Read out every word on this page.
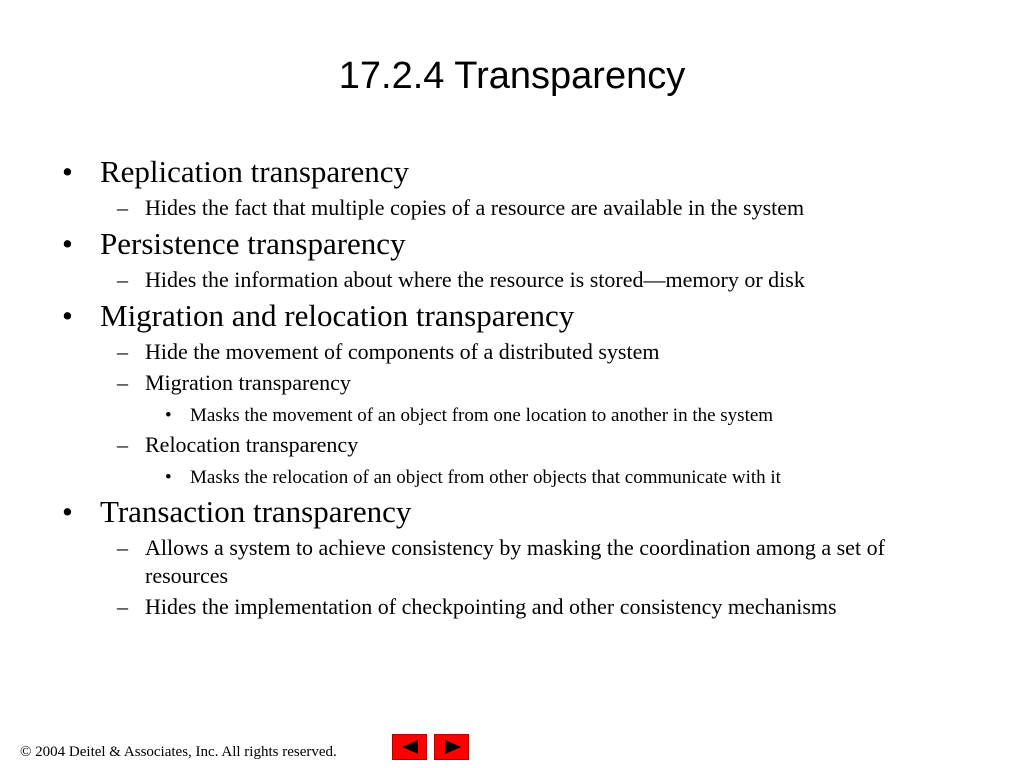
17.2.4 Transparency
• Replication transparency
– Hides the fact that multiple copies of a resource are available in the system
• Persistence transparency
– Hides the information about where the resource is stored—memory or disk
• Migration and relocation transparency
– Hide the movement of components of a distributed system
– Migration transparency
• Masks the movement of an object from one location to another in the system
– Relocation transparency
• Masks the relocation of an object from other objects that communicate with it
• Transaction transparency
– Allows a system to achieve consistency by masking the coordination among a set of resources
– Hides the implementation of checkpointing and other consistency mechanisms
© 2004 Deitel & Associates, Inc. All rights reserved.
